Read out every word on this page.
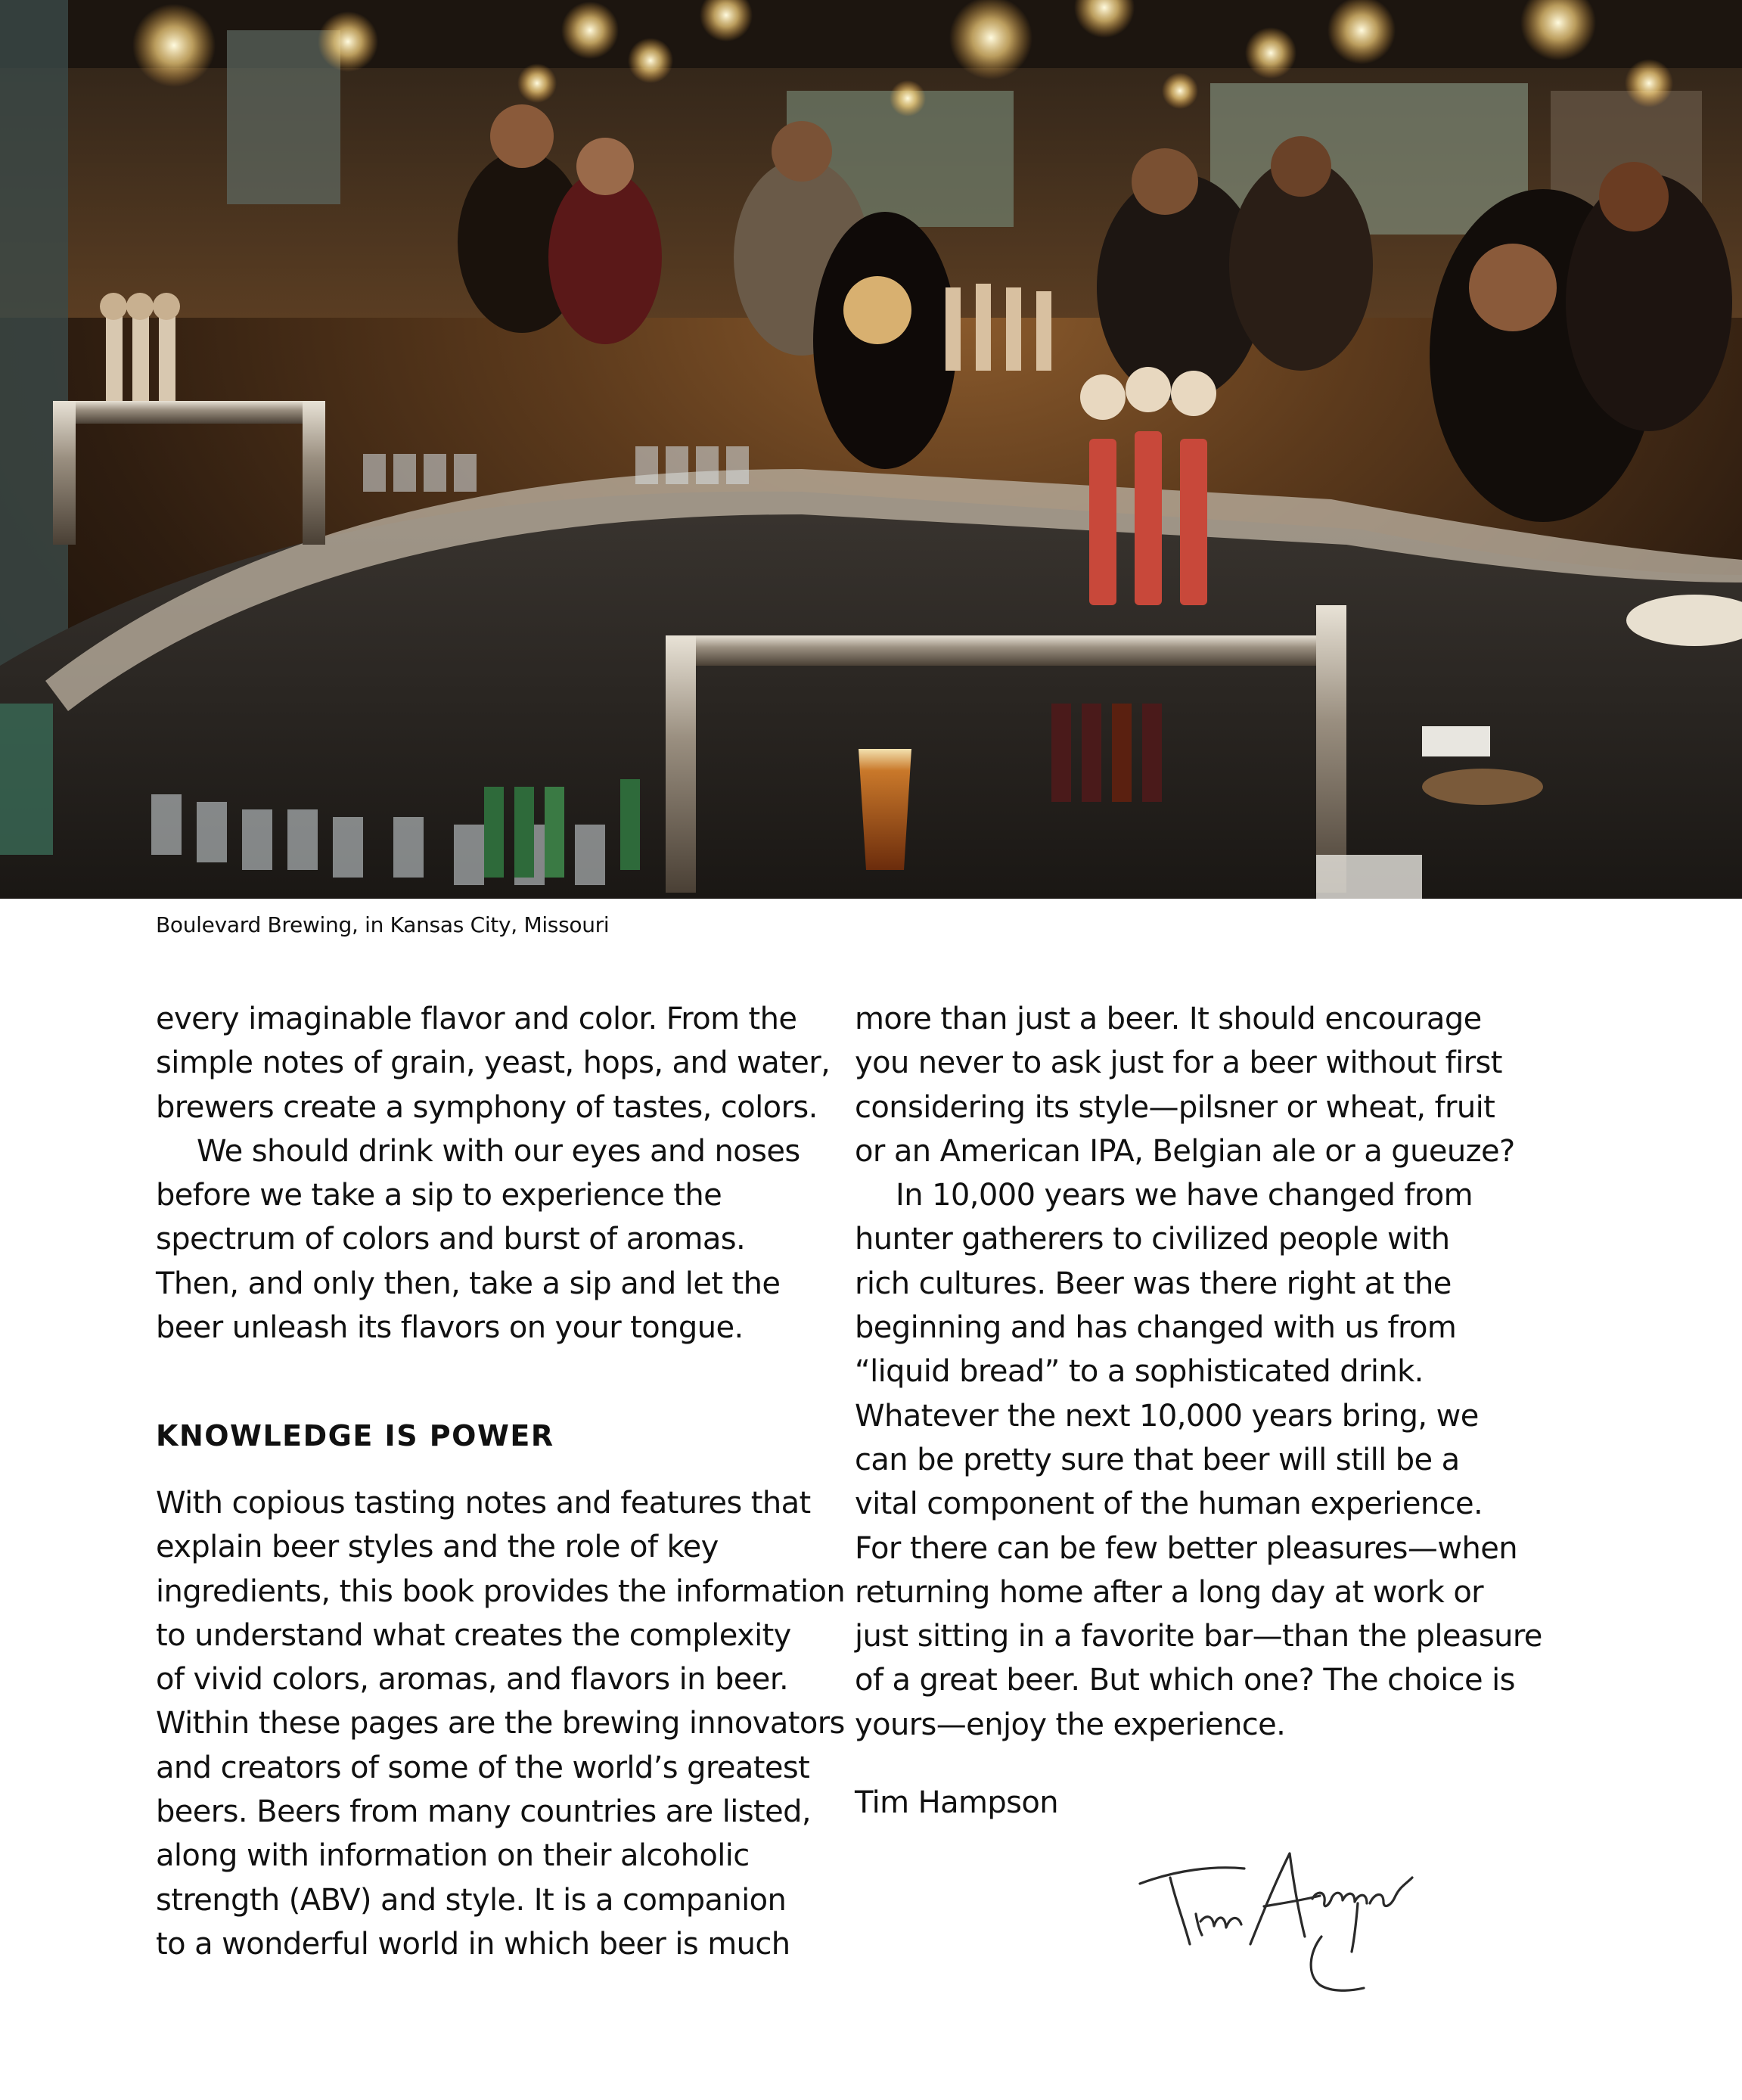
Boulevard Brewing, in Kansas City, Missouri
every imaginable flavor and color. From the
simple notes of grain, yeast, hops, and water,
brewers create a symphony of tastes, colors.
We should drink with our eyes and noses
before we take a sip to experience the
spectrum of colors and burst of aromas.
Then, and only then, take a sip and let the
beer unleash its flavors on your tongue.
KNOWLEDGE IS POWER
With copious tasting notes and features that
explain beer styles and the role of key
ingredients, this book provides the information
to understand what creates the complexity
of vivid colors, aromas, and flavors in beer.
Within these pages are the brewing innovators
and creators of some of the world’s greatest
beers. Beers from many countries are listed,
along with information on their alcoholic
strength (ABV) and style. It is a companion
to a wonderful world in which beer is much
more than just a beer. It should encourage
you never to ask just for a beer without first
considering its style—pilsner or wheat, fruit
or an American IPA, Belgian ale or a gueuze?
In 10,000 years we have changed from
hunter gatherers to civilized people with
rich cultures. Beer was there right at the
beginning and has changed with us from
“liquid bread” to a sophisticated drink.
Whatever the next 10,000 years bring, we
can be pretty sure that beer will still be a
vital component of the human experience.
For there can be few better pleasures—when
returning home after a long day at work or
just sitting in a favorite bar—than the pleasure
of a great beer. But which one? The choice is
yours—enjoy the experience.
Tim Hampson
